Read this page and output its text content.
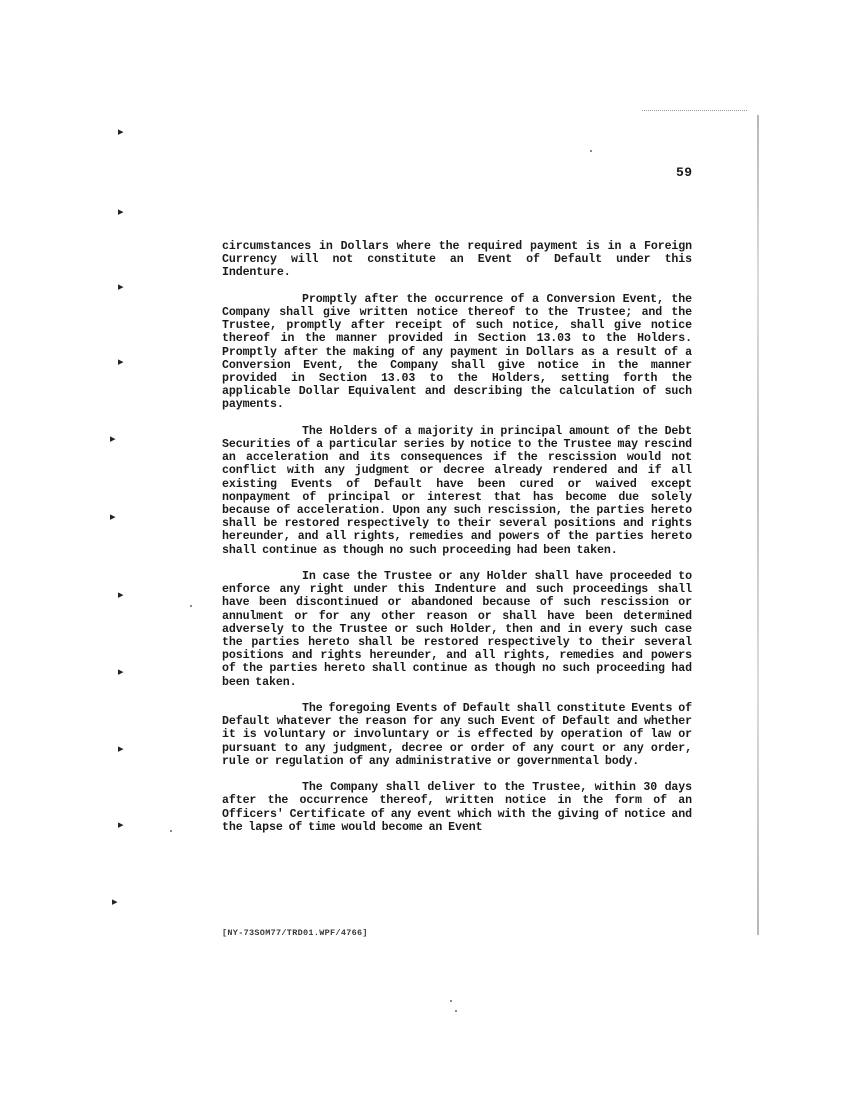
▸
▸
▸
▸
▸
▸
▸
▸
▸
▸
▸
59

circumstances in Dollars where the required payment is in a Foreign Currency will not constitute an Event of Default under this Indenture.

Promptly after the occurrence of a Conversion Event, the Company shall give written notice thereof to the Trustee; and the Trustee, promptly after receipt of such notice, shall give notice thereof in the manner provided in Section 13.03 to the Holders. Promptly after the making of any payment in Dollars as a result of a Conversion Event, the Company shall give notice in the manner provided in Section 13.03 to the Holders, setting forth the applicable Dollar Equivalent and describing the calculation of such payments.

The Holders of a majority in principal amount of the Debt Securities of a particular series by notice to the Trustee may rescind an acceleration and its consequences if the rescission would not conflict with any judgment or decree already rendered and if all existing Events of Default have been cured or waived except nonpayment of principal or interest that has become due solely because of acceleration. Upon any such rescission, the parties hereto shall be restored respectively to their several positions and rights hereunder, and all rights, remedies and powers of the parties hereto shall continue as though no such proceeding had been taken.

In case the Trustee or any Holder shall have proceeded to enforce any right under this Indenture and such proceedings shall have been discontinued or abandoned because of such rescission or annulment or for any other reason or shall have been determined adversely to the Trustee or such Holder, then and in every such case the parties hereto shall be restored respectively to their several positions and rights hereunder, and all rights, remedies and powers of the parties hereto shall continue as though no such proceeding had been taken.

The foregoing Events of Default shall constitute Events of Default whatever the reason for any such Event of Default and whether it is voluntary or involuntary or is effected by operation of law or pursuant to any judgment, decree or order of any court or any order, rule or regulation of any administrative or governmental body.

The Company shall deliver to the Trustee, within 30 days after the occurrence thereof, written notice in the form of an Officers' Certificate of any event which with the giving of notice and the lapse of time would become an Event

[NY-73SOM77/TRD01.WPF/4766]
